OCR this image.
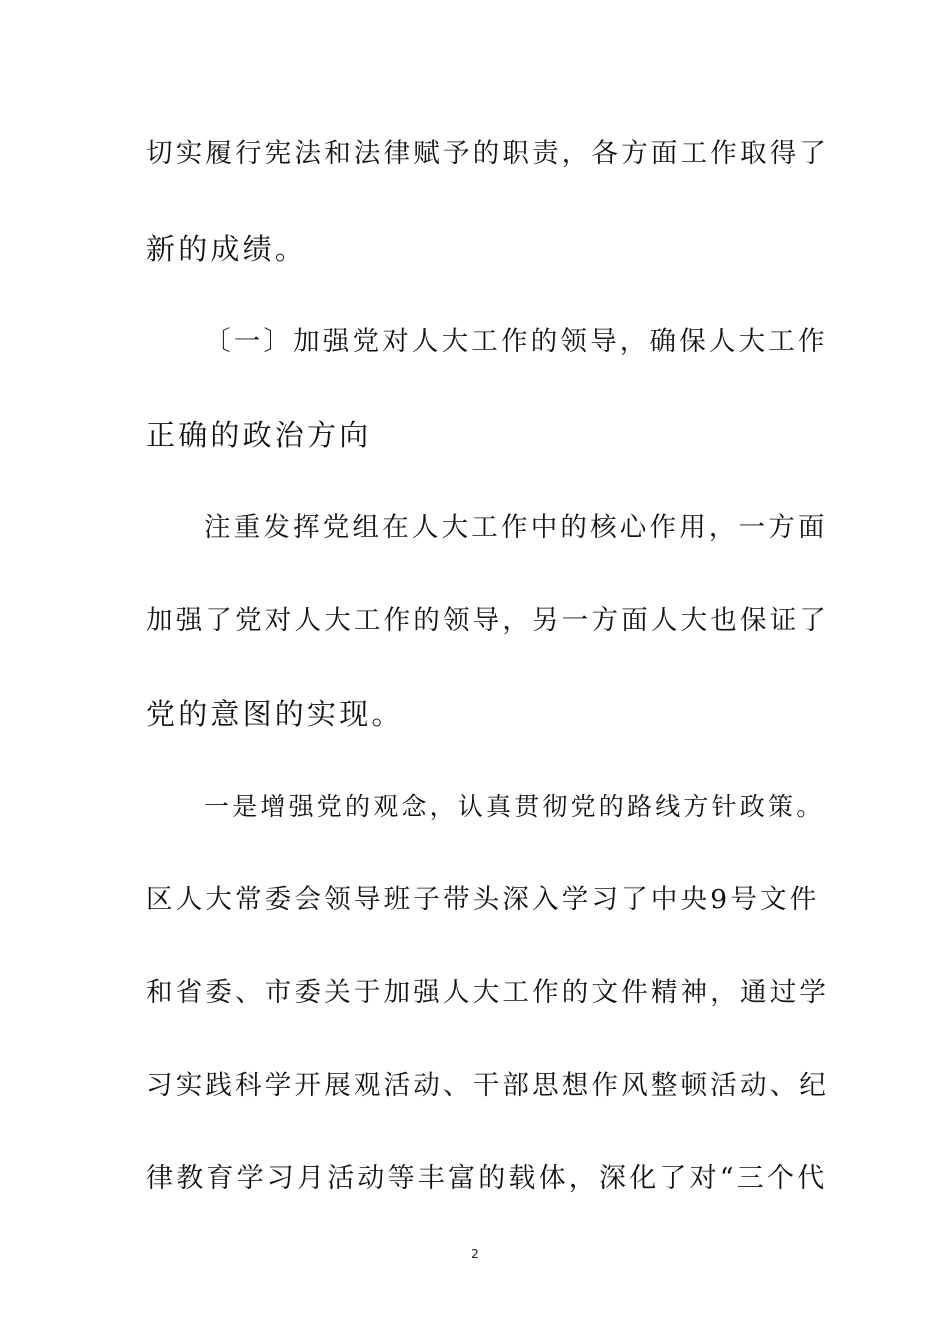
切实履行宪法和法律赋予的职责，各方面工作取得了
新的成绩。
〔一〕加强党对人大工作的领导，确保人大工作
正确的政治方向
注重发挥党组在人大工作中的核心作用，一方面
加强了党对人大工作的领导，另一方面人大也保证了
党的意图的实现。
一是增强党的观念，认真贯彻党的路线方针政策。
区人大常委会领导班子带头深入学习了中央9号文件
和省委、市委关于加强人大工作的文件精神，通过学
习实践科学开展观活动、干部思想作风整顿活动、纪
律教育学习月活动等丰富的载体，深化了对“三个代
2
